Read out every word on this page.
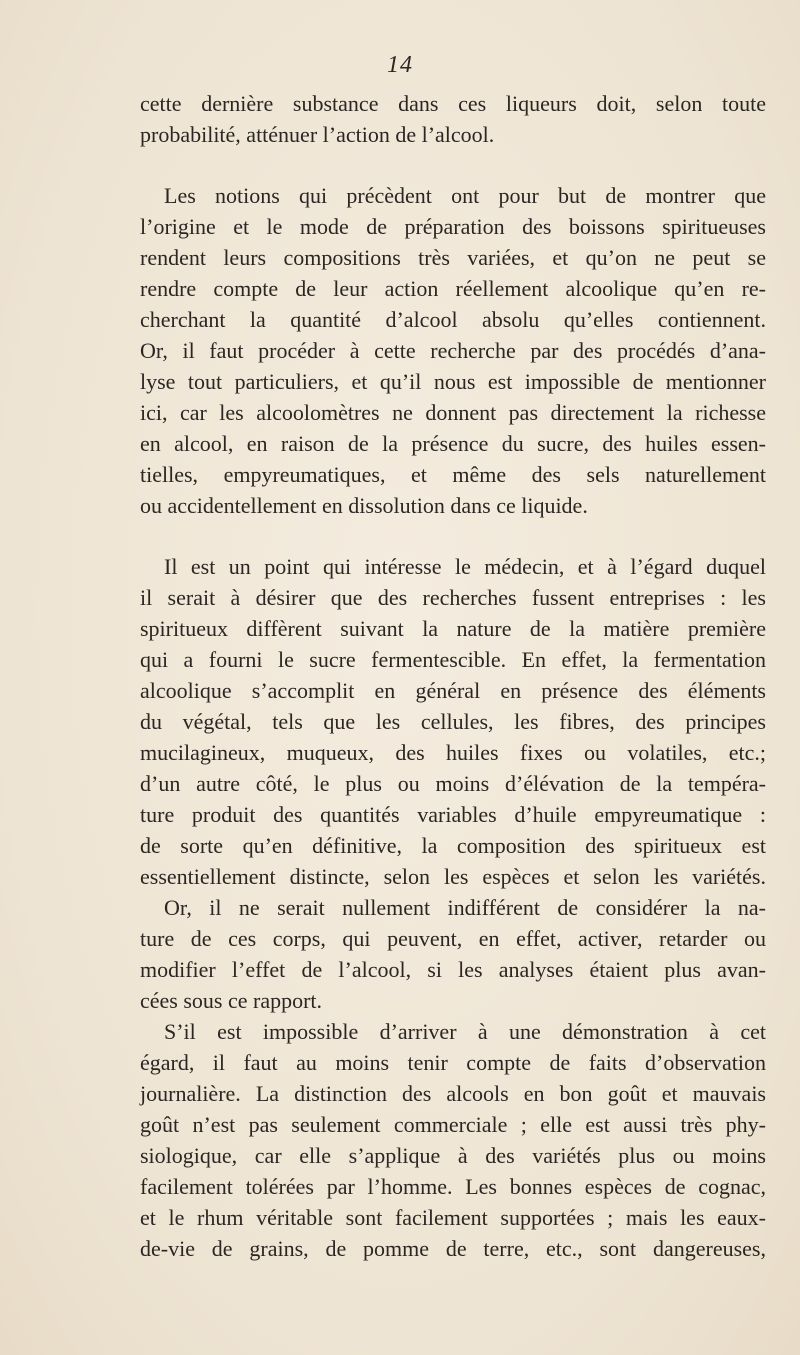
14
cette dernière substance dans ces liqueurs doit, selon toute
probabilité, atténuer l’action de l’alcool.
Les notions qui précèdent ont pour but de montrer que
l’origine et le mode de préparation des boissons spiritueuses
rendent leurs compositions très variées, et qu’on ne peut se
rendre compte de leur action réellement alcoolique qu’en re-
cherchant la quantité d’alcool absolu qu’elles contiennent.
Or, il faut procéder à cette recherche par des procédés d’ana-
lyse tout particuliers, et qu’il nous est impossible de mentionner
ici, car les alcoolomètres ne donnent pas directement la richesse
en alcool, en raison de la présence du sucre, des huiles essen-
tielles, empyreumatiques, et même des sels naturellement
ou accidentellement en dissolution dans ce liquide.
Il est un point qui intéresse le médecin, et à l’égard duquel
il serait à désirer que des recherches fussent entreprises : les
spiritueux diffèrent suivant la nature de la matière première
qui a fourni le sucre fermentescible. En effet, la fermentation
alcoolique s’accomplit en général en présence des éléments
du végétal, tels que les cellules, les fibres, des principes
mucilagineux, muqueux, des huiles fixes ou volatiles, etc.;
d’un autre côté, le plus ou moins d’élévation de la tempéra-
ture produit des quantités variables d’huile empyreumatique :
de sorte qu’en définitive, la composition des spiritueux est
essentiellement distincte, selon les espèces et selon les variétés.
Or, il ne serait nullement indifférent de considérer la na-
ture de ces corps, qui peuvent, en effet, activer, retarder ou
modifier l’effet de l’alcool, si les analyses étaient plus avan-
cées sous ce rapport.
S’il est impossible d’arriver à une démonstration à cet
égard, il faut au moins tenir compte de faits d’observation
journalière. La distinction des alcools en bon goût et mauvais
goût n’est pas seulement commerciale ; elle est aussi très phy-
siologique, car elle s’applique à des variétés plus ou moins
facilement tolérées par l’homme. Les bonnes espèces de cognac,
et le rhum véritable sont facilement supportées ; mais les eaux-
de-vie de grains, de pomme de terre, etc., sont dangereuses,
